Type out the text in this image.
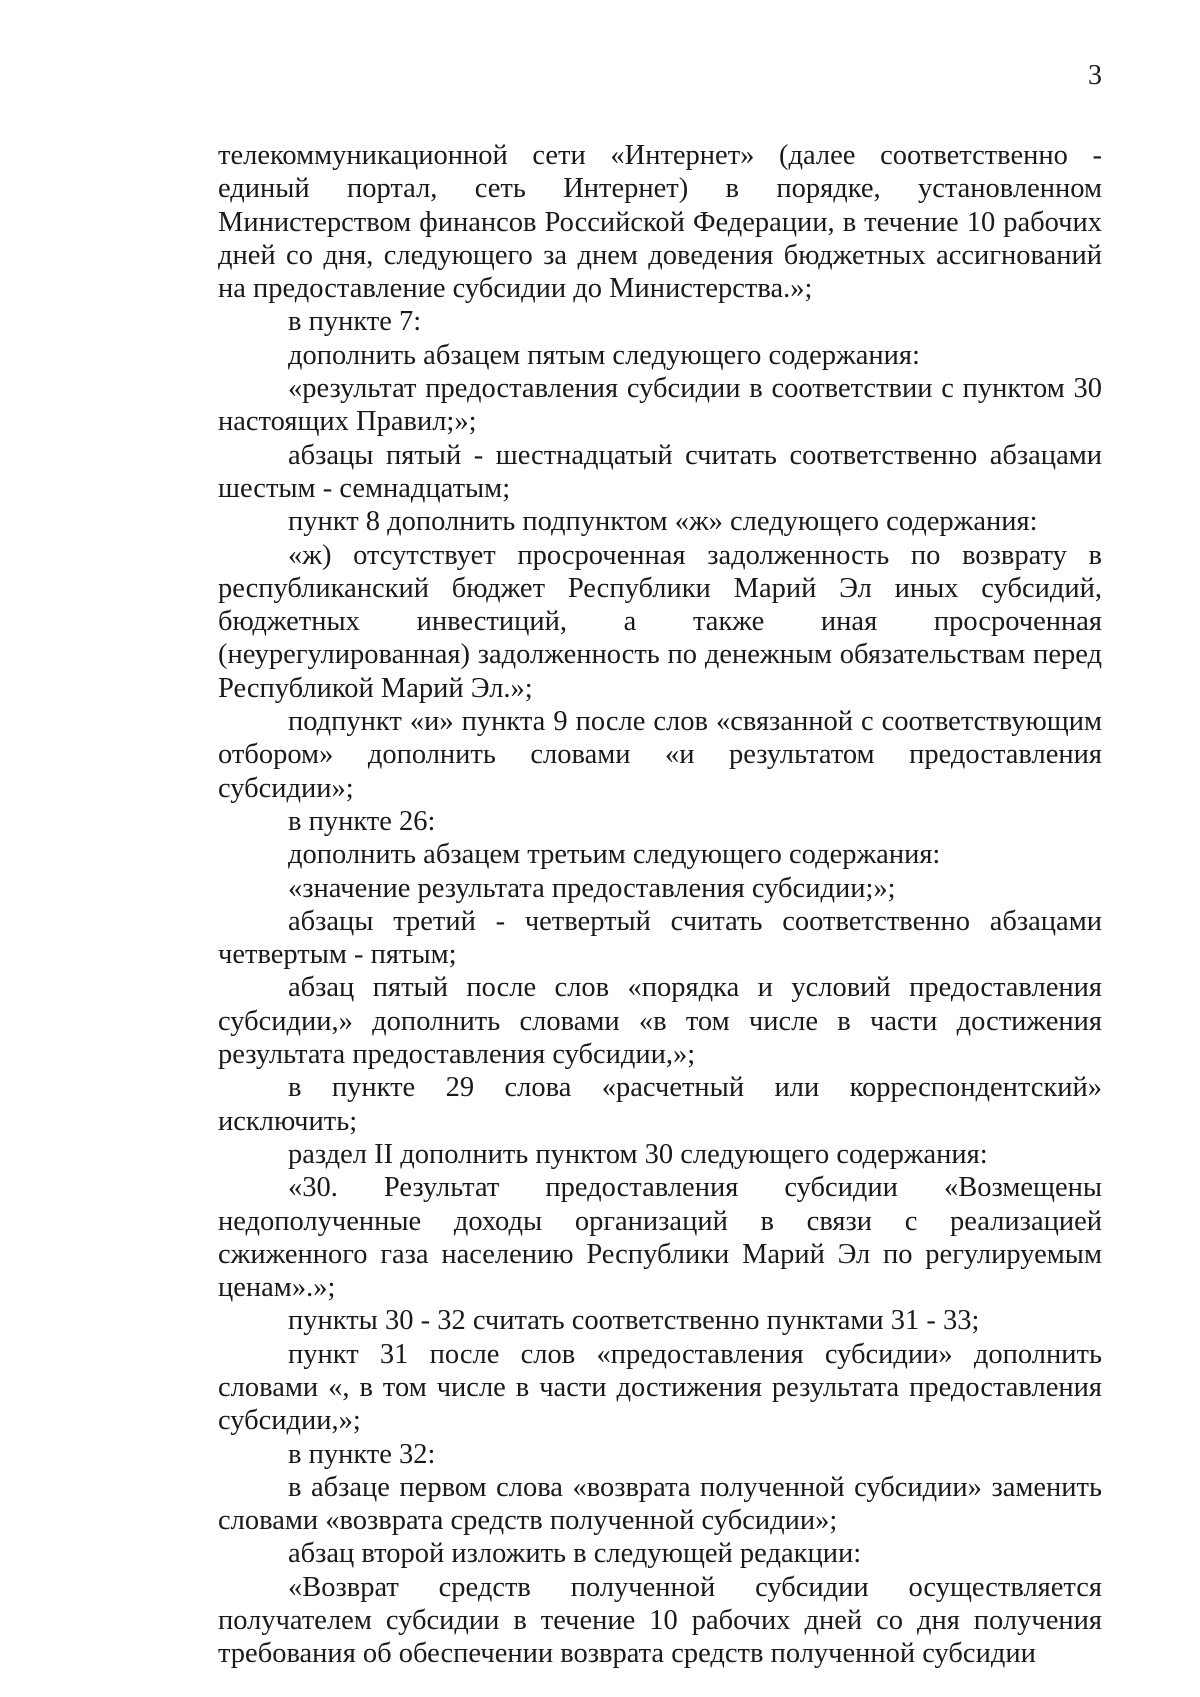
3

телекоммуникационной сети «Интернет» (далее соответственно - единый портал, сеть Интернет) в порядке, установленном Министерством финансов Российской Федерации, в течение 10 рабочих дней со дня, следующего за днем доведения бюджетных ассигнований на предоставление субсидии до Министерства.»;

в пункте 7:

дополнить абзацем пятым следующего содержания:

«результат предоставления субсидии в соответствии с пунктом 30 настоящих Правил;»;

абзацы пятый - шестнадцатый считать соответственно абзацами шестым - семнадцатым;

пункт 8 дополнить подпунктом «ж» следующего содержания:

«ж) отсутствует просроченная задолженность по возврату в республиканский бюджет Республики Марий Эл иных субсидий, бюджетных инвестиций, а также иная просроченная (неурегулированная) задолженность по денежным обязательствам перед Республикой Марий Эл.»;

подпункт «и» пункта 9 после слов «связанной с соответствующим отбором» дополнить словами «и результатом предоставления субсидии»;

в пункте 26:

дополнить абзацем третьим следующего содержания:

«значение результата предоставления субсидии;»;

абзацы третий - четвертый считать соответственно абзацами четвертым - пятым;

абзац пятый после слов «порядка и условий предоставления субсидии,» дополнить словами «в том числе в части достижения результата предоставления субсидии,»;

в пункте 29 слова «расчетный или корреспондентский» исключить;

раздел II дополнить пунктом 30 следующего содержания:

«30. Результат предоставления субсидии «Возмещены недополученные доходы организаций в связи с реализацией сжиженного газа населению Республики Марий Эл по регулируемым ценам».»;

пункты 30 - 32 считать соответственно пунктами 31 - 33;

пункт 31 после слов «предоставления субсидии» дополнить словами «, в том числе в части достижения результата предоставления субсидии,»;

в пункте 32:

в абзаце первом слова «возврата полученной субсидии» заменить словами «возврата средств полученной субсидии»;

абзац второй изложить в следующей редакции:

«Возврат средств полученной субсидии осуществляется получателем субсидии в течение 10 рабочих дней со дня получения требования об обеспечении возврата средств полученной субсидии
